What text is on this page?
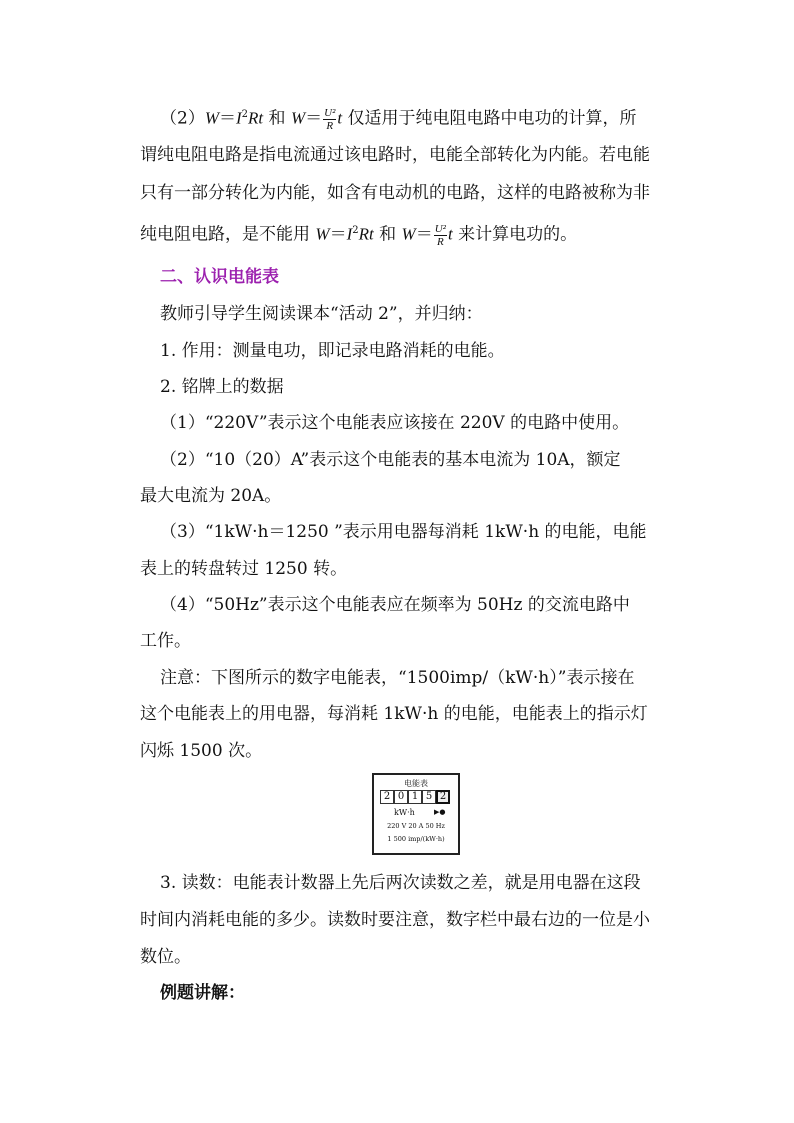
$(2)W=I^2Rt$ 和 $W= \frac{\text{U²}}{R}$ t 仅适用于纯电阻电路中电功的计算，所
谓纯电阻电路是指电流通过该电路时，电能全部转化为内能。若电能
只有一部分转化为内能，如含有电动机的电路，这样的电路被称为非
纯电阻电路，是不能用 $W=I^2Rt$ 和 $W= \frac{\text{U²}}{R}$ t 来计算电功的。
二、认识电能表
教师引导学生阅读课本“活动 2”，并归纳：
1. 作用：测量电功，即记录电路消耗的电能。
2. 铭牌上的数据
（1）“220V”表示这个电能表应该接在 220V 的电路中使用。
（2）“10（20）A”表示这个电能表的基本电流为 10A，额定
最大电流为 20A。
（3）“1kW·h＝1250 ”表示用电器每消耗 1kW·h 的电能，电能
表上的转盘转过 1250 转。
（4）“50Hz”表示这个电能表应在频率为 50Hz 的交流电路中
工作。
注意：下图所示的数字电能表，“1500imp/（kW·h）”表示接在
这个电能表上的用电器，每消耗 1kW·h 的电能，电能表上的指示灯
闪烁 1500 次。
电能表
2 0 1 5 2
kW·h	▶●
220 V 20 A 50 Hz
1 500 imp/(kW·h)
3. 读数：电能表计数器上先后两次读数之差，就是用电器在这段
时间内消耗电能的多少。读数时要注意，数字栏中最右边的一位是小
数位。
例题讲解：
